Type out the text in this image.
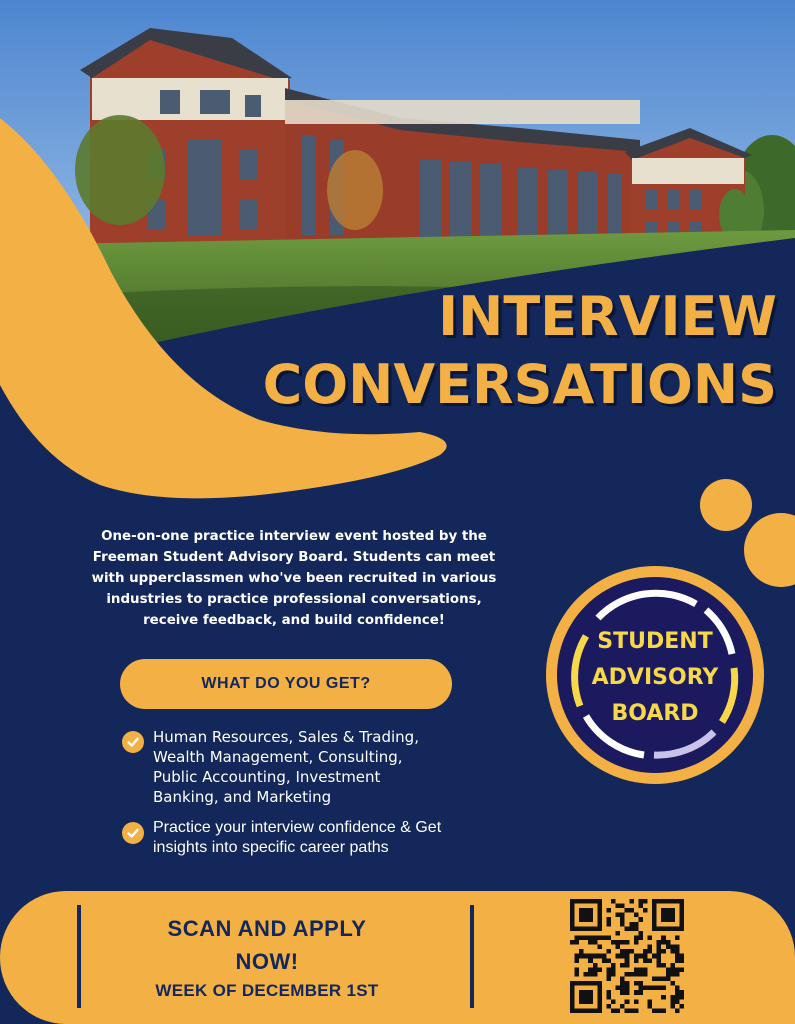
INTERVIEW
CONVERSATIONS

One-on-one practice interview event hosted by the Freeman Student Advisory Board. Students can meet with upperclassmen who've been recruited in various industries to practice professional conversations, receive feedback, and build confidence!

WHAT DO YOU GET?
Human Resources, Sales & Trading, Wealth Management, Consulting, Public Accounting, Investment Banking, and Marketing
Practice your interview confidence & Get insights into specific career paths
STUDENT
ADVISORY
BOARD
SCAN AND APPLY
NOW!
WEEK OF DECEMBER 1ST
